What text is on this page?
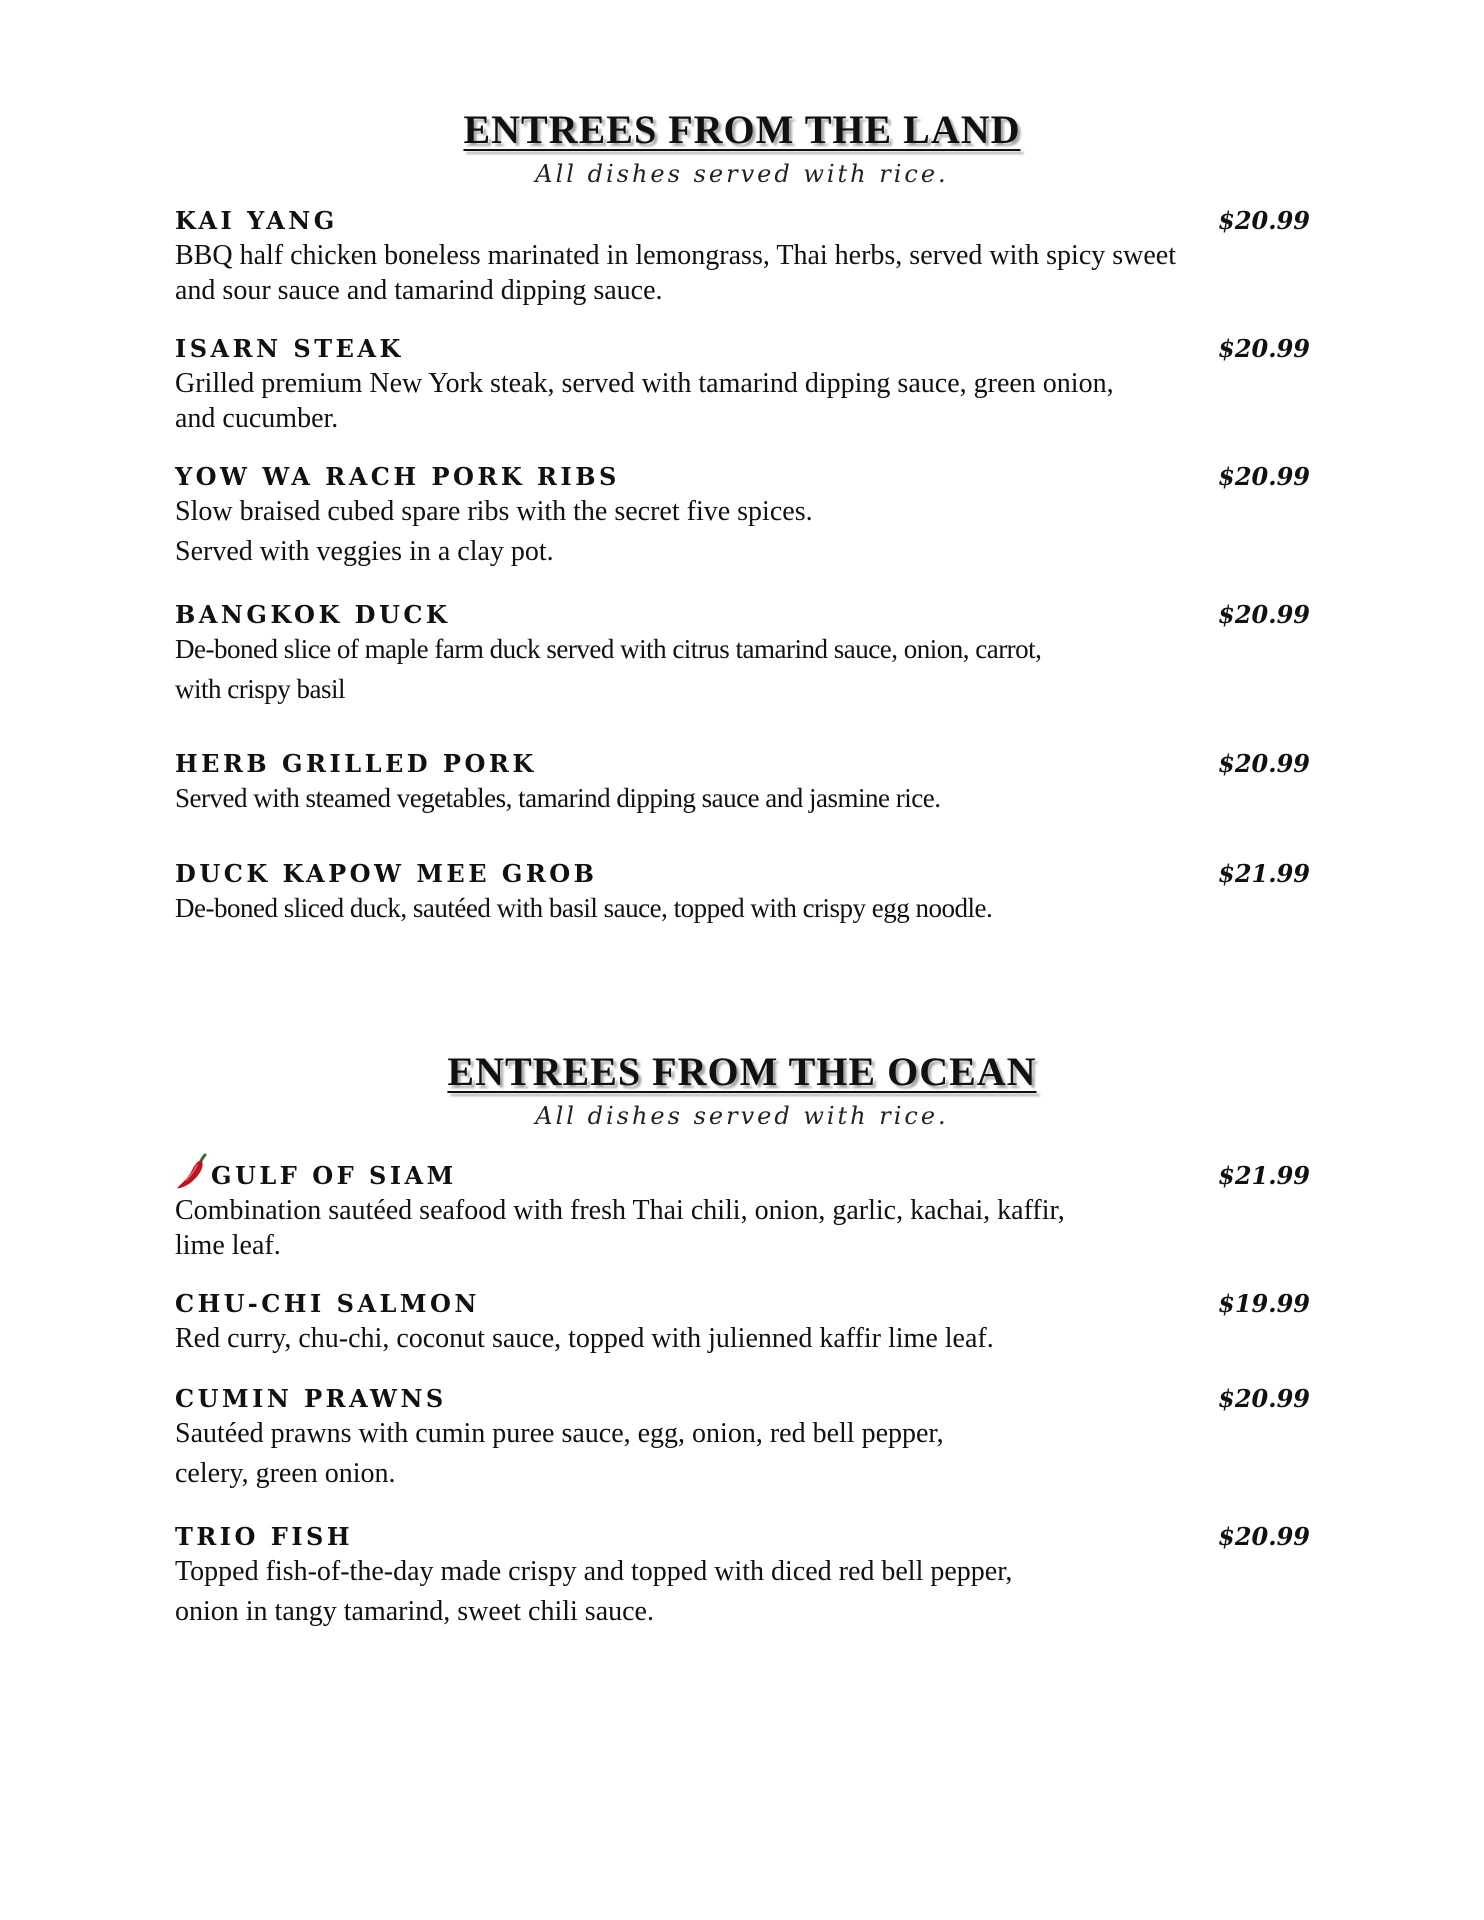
ENTREES FROM THE LAND
All dishes served with rice.
KAI YANG	$20.99
BBQ half chicken boneless marinated in lemongrass, Thai herbs, served with spicy sweet
and sour sauce and tamarind dipping sauce.
ISARN STEAK	$20.99
Grilled premium New York steak, served with tamarind dipping sauce, green onion,
and cucumber.
YOW WA RACH PORK RIBS	$20.99
Slow braised cubed spare ribs with the secret five spices.
Served with veggies in a clay pot.
BANGKOK DUCK	$20.99
De-boned slice of maple farm duck served with citrus tamarind sauce, onion, carrot,
with crispy basil
HERB GRILLED PORK	$20.99
Served with steamed vegetables, tamarind dipping sauce and jasmine rice.
DUCK KAPOW MEE GROB	$21.99
De-boned sliced duck, sautéed with basil sauce, topped with crispy egg noodle.
ENTREES FROM THE OCEAN
All dishes served with rice.
GULF OF SIAM	$21.99
Combination sautéed seafood with fresh Thai chili, onion, garlic, kachai, kaffir,
lime leaf.
CHU-CHI SALMON	$19.99
Red curry, chu-chi, coconut sauce, topped with julienned kaffir lime leaf.
CUMIN PRAWNS	$20.99
Sautéed prawns with cumin puree sauce, egg, onion, red bell pepper,
celery, green onion.
TRIO FISH	$20.99
Topped fish-of-the-day made crispy and topped with diced red bell pepper,
onion in tangy tamarind, sweet chili sauce.
